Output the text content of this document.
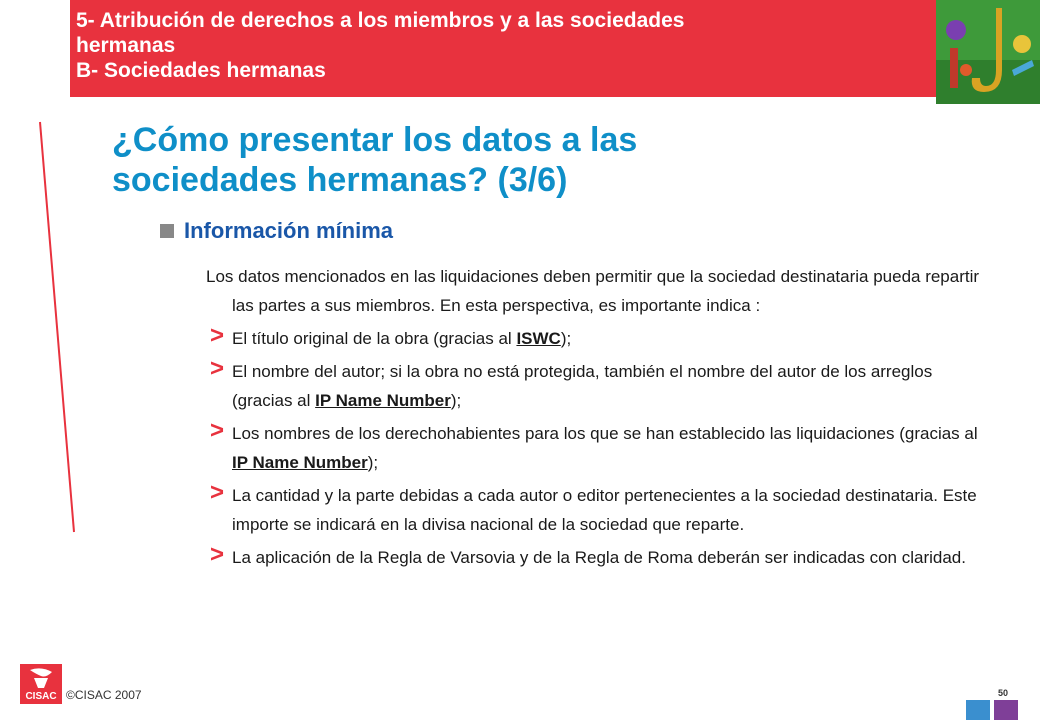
5- Atribución de derechos a los miembros y a las sociedades
hermanas
B- Sociedades hermanas
¿Cómo presentar los datos a las
sociedades hermanas? (3/6)
Información mínima

Los datos mencionados en las liquidaciones deben permitir que la sociedad destinataria pueda repartir las partes a sus miembros. En esta perspectiva, es importante indica :

> El título original de la obra (gracias al ISWC);

> El nombre del autor; si la obra no está protegida, también el nombre del autor de los arreglos (gracias al IP Name Number);

> Los nombres de los derechohabientes para los que se han establecido las liquidaciones (gracias al IP Name Number);

> La cantidad y la parte debidas a cada autor o editor pertenecientes a la sociedad destinataria. Este importe se indicará en la divisa nacional de la sociedad que reparte.

> La aplicación de la Regla de Varsovia y de la Regla de Roma deberán ser indicadas con claridad.

CISAC ©CISAC 2007	50
